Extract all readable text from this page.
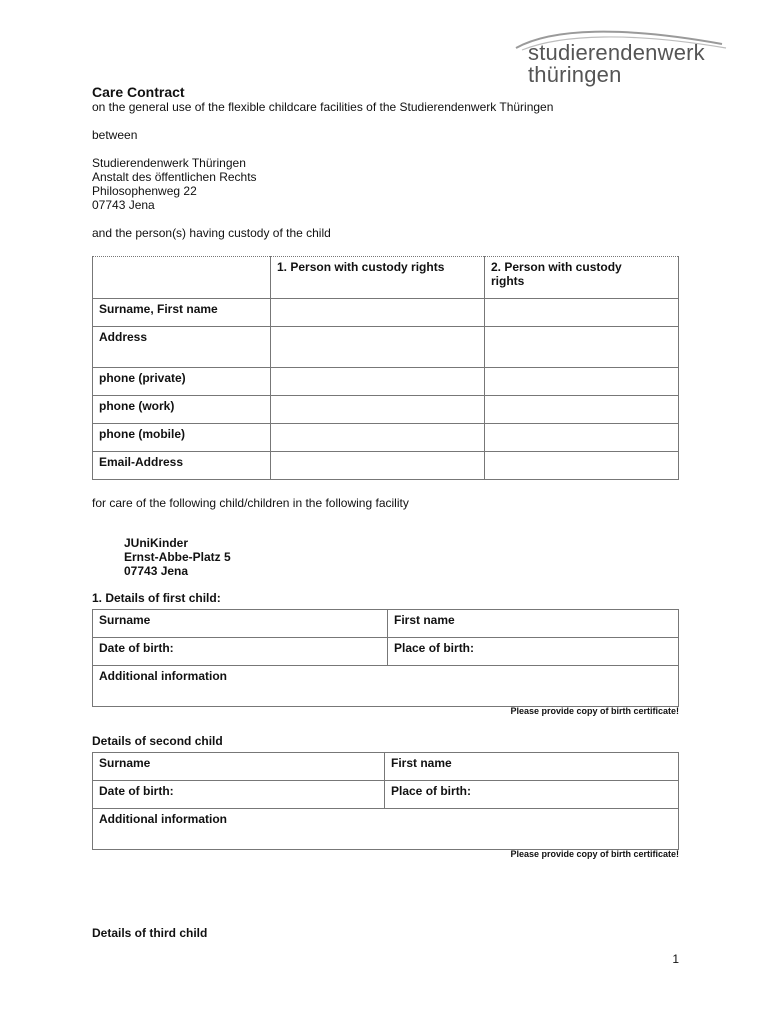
studierendenwerk
thüringen
Care Contract
on the general use of the flexible childcare facilities of the Studierendenwerk Thüringen
between
Studierendenwerk Thüringen
Anstalt des öffentlichen Rechts
Philosophenweg 22
07743 Jena
and the person(s) having custody of the child
	1. Person with custody rights	2. Person with custody
rights
Surname, First name		
Address		
phone (private)		
phone (work)		
phone (mobile)		
Email-Address		
for care of the following child/children in the following facility
JUniKinder
Ernst-Abbe-Platz 5
07743 Jena
1. Details of first child:
Surname	First name
Date of birth:	Place of birth:
Additional information	
Please provide copy of birth certificate!
Details of second child
Surname	First name
Date of birth:	Place of birth:
Additional information	
Please provide copy of birth certificate!
Details of third child
1
